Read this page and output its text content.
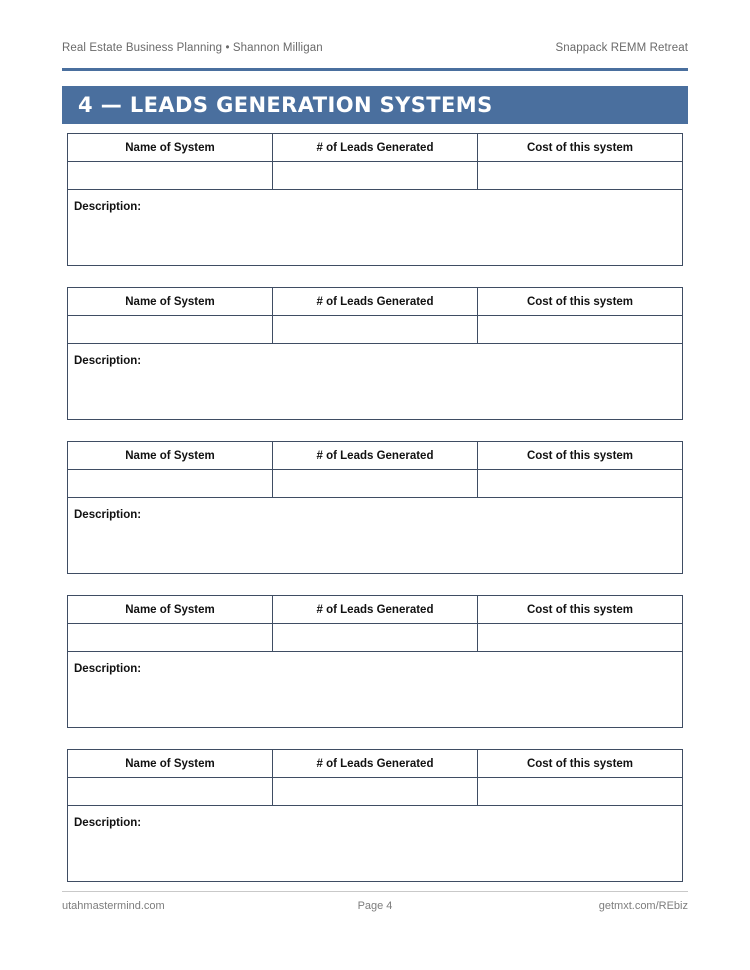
Real Estate Business Planning • Shannon Milligan	Snappack REMM Retreat
4 — LEADS GENERATION SYSTEMS
Name of System	# of Leads Generated	Cost of this system
Description:
Name of System	# of Leads Generated	Cost of this system
Description:
Name of System	# of Leads Generated	Cost of this system
Description:
Name of System	# of Leads Generated	Cost of this system
Description:
Name of System	# of Leads Generated	Cost of this system
Description:
utahmastermind.com	Page 4	getmxt.com/REbiz
